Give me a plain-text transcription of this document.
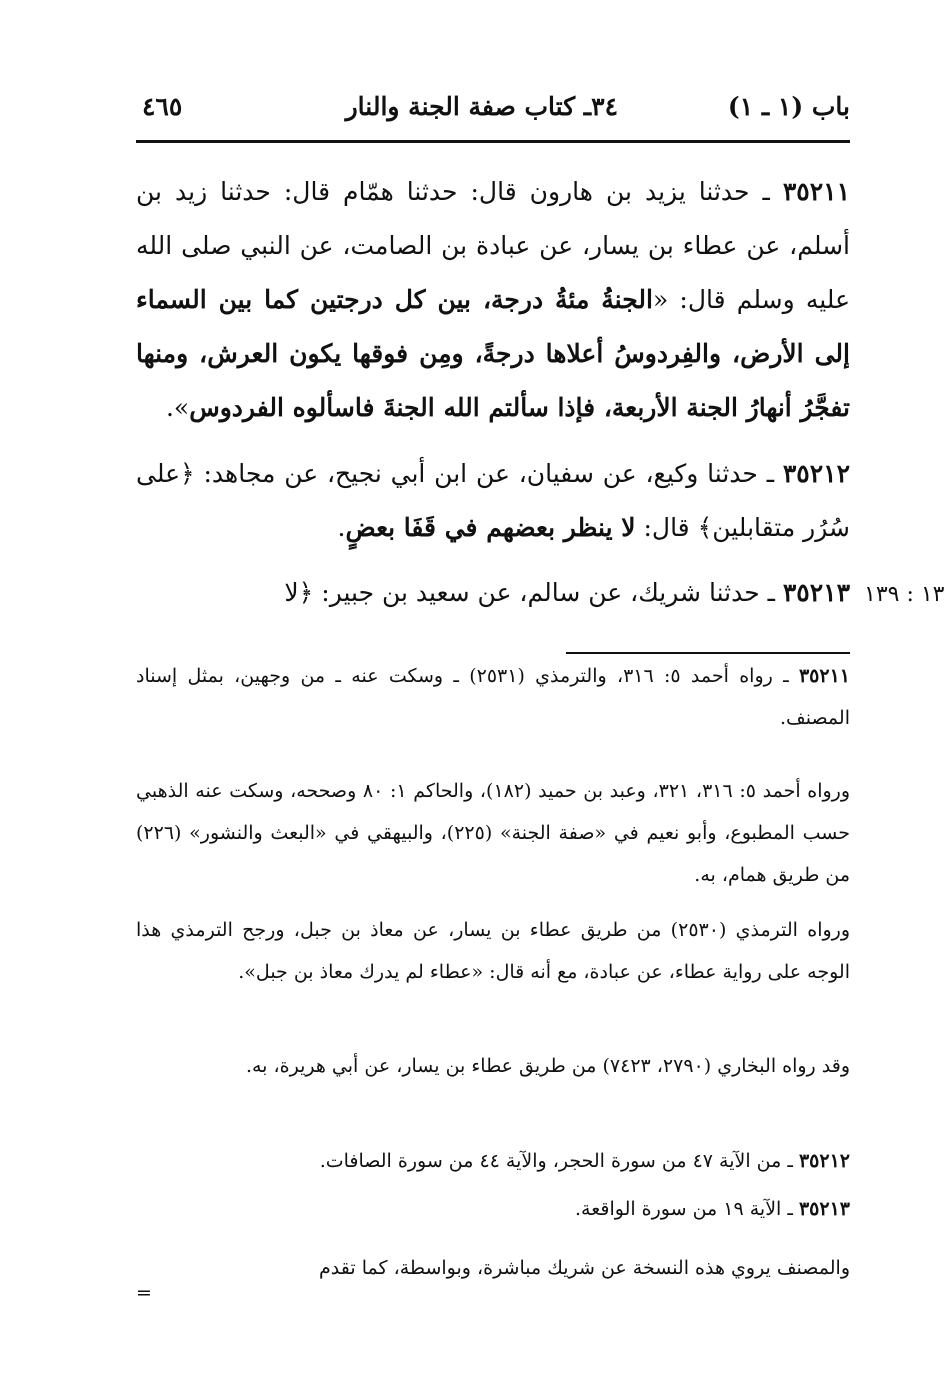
باب (١ ـ ١)
٣٤ـ كتاب صفة الجنة والنار
٤٦٥
٣٥٢١١ ـ حدثنا يزيد بن هارون قال: حدثنا همّام قال: حدثنا زيد بن أسلم، عن عطاء بن يسار، عن عبادة بن الصامت، عن النبي صلى الله عليه وسلم قال: «الجنةُ مئةُ درجة، بين كل درجتين كما بين السماء إلى الأرض، والفِردوسُ أعلاها درجةً، ومِن فوقها يكون العرش، ومنها تفجَّرُ أنهارُ الجنة الأربعة، فإذا سألتم الله الجنةَ فاسألوه الفردوس».
٣٥٢١٢ ـ حدثنا وكيع، عن سفيان، عن ابن أبي نجيح، عن مجاهد: ﴿على سُرُر متقابلين﴾ قال: لا ينظر بعضهم في قَفَا بعضٍ.
٣٥٢١٣ ـ حدثنا شريك، عن سالم، عن سعيد بن جبير: ﴿لا	١٣ : ١٣٩
٣٥٢١١ ـ رواه أحمد ٥: ٣١٦، والترمذي (٢٥٣١) ـ وسكت عنه ـ من وجهين، بمثل إسناد المصنف.
ورواه أحمد ٥: ٣١٦، ٣٢١، وعبد بن حميد (١٨٢)، والحاكم ١: ٨٠ وصححه، وسكت عنه الذهبي حسب المطبوع، وأبو نعيم في «صفة الجنة» (٢٢٥)، والبيهقي في «البعث والنشور» (٢٢٦) من طريق همام، به.
ورواه الترمذي (٢٥٣٠) من طريق عطاء بن يسار، عن معاذ بن جبل، ورجح الترمذي هذا الوجه على رواية عطاء، عن عبادة، مع أنه قال: «عطاء لم يدرك معاذ بن جبل».
وقد رواه البخاري (٢٧٩٠، ٧٤٢٣) من طريق عطاء بن يسار، عن أبي هريرة، به.
٣٥٢١٢ ـ من الآية ٤٧ من سورة الحجر، والآية ٤٤ من سورة الصافات.
٣٥٢١٣ ـ الآية ١٩ من سورة الواقعة.
والمصنف يروي هذه النسخة عن شريك مباشرة، وبواسطة، كما تقدم
=
